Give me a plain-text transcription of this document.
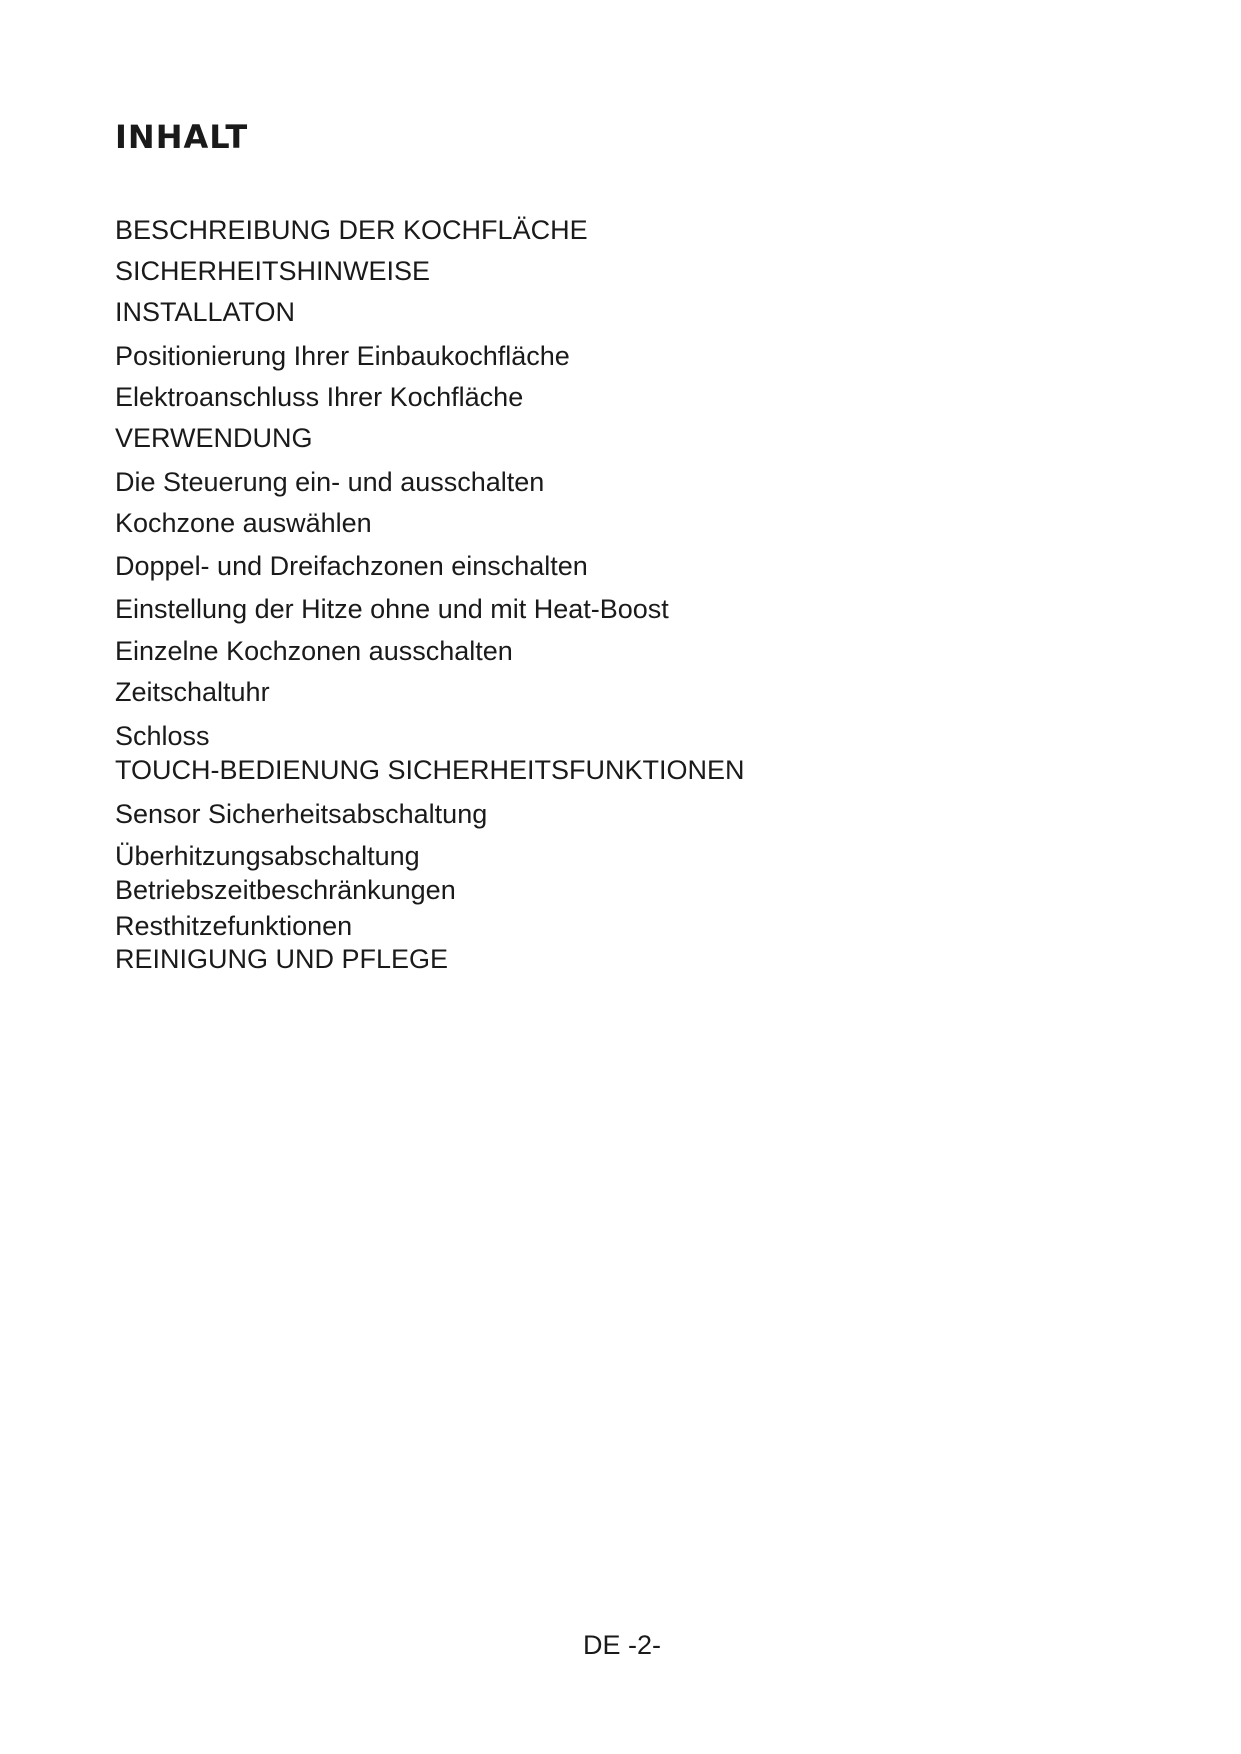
INHALT
BESCHREIBUNG DER KOCHFLÄCHE
SICHERHEITSHINWEISE
INSTALLATON
Positionierung Ihrer Einbaukochfläche
Elektroanschluss Ihrer Kochfläche
VERWENDUNG
Die Steuerung ein- und ausschalten
Kochzone auswählen
Doppel- und Dreifachzonen einschalten
Einstellung der Hitze ohne und mit Heat-Boost
Einzelne Kochzonen ausschalten
Zeitschaltuhr
Schloss
TOUCH-BEDIENUNG SICHERHEITSFUNKTIONEN
Sensor Sicherheitsabschaltung
Überhitzungsabschaltung
Betriebszeitbeschränkungen
Resthitzefunktionen
REINIGUNG UND PFLEGE
DE -2-
